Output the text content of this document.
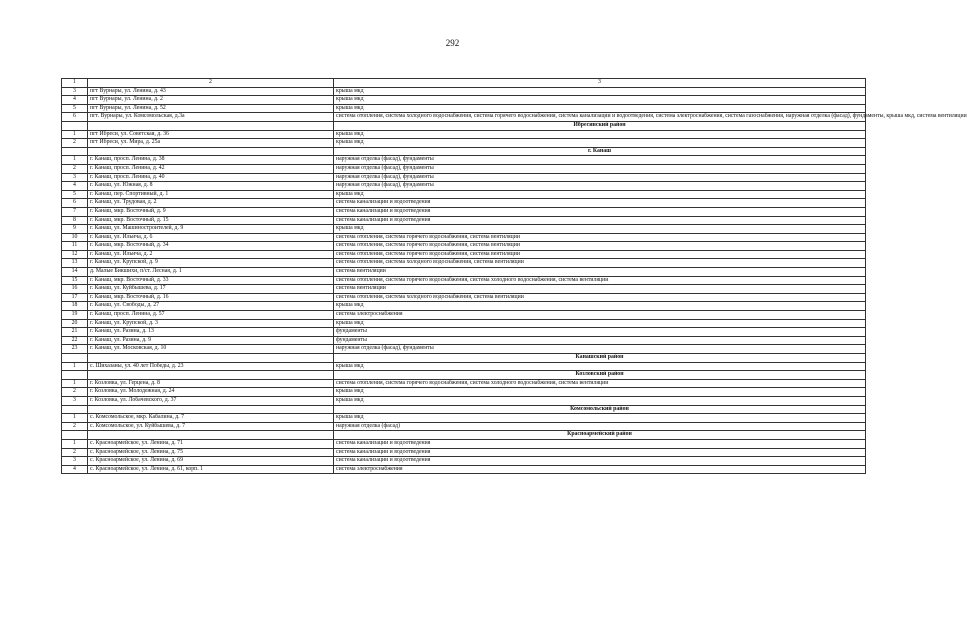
292
1	2	3
3	пгт Вурнары, ул. Ленина, д. 43	крыша мкд
4	пгт Вурнары, ул. Ленина, д. 2	крыша мкд
5	пгт Вурнары, ул. Ленина, д. 52	крыша мкд
6	пгт. Вурнары, ул. Комсомольская, д.3а	система отопления, система холодного водоснабжения, система горячего водоснабжения, система канализации и водоотведения, система электроснабжения, система газоснабжения, наружная отделка (фасад), фундаменты, крыша мкд, система вентиляции
		Ибресинский район
1	пгт Ибреси, ул. Советская, д. 36	крыша мкд
2	пгт Ибреси, ул. Мира, д. 25а	крыша мкд
		г. Канаш
1	г. Канаш, просп. Ленина, д. 38	наружная отделка (фасад), фундаменты
2	г. Канаш, просп. Ленина, д. 42	наружная отделка (фасад), фундаменты
3	г. Канаш, просп. Ленина, д. 40	наружная отделка (фасад), фундаменты
4	г. Канаш, ул. Южная, д. 8	наружная отделка (фасад), фундаменты
5	г. Канаш, пер. Спортивный, д. 1	крыша мкд
6	г. Канаш, ул. Трудовая, д. 2	система канализации и водоотведения
7	г. Канаш, мкр. Восточный, д. 9	система канализации и водоотведения
8	г. Канаш, мкр. Восточный, д. 15	система канализации и водоотведения
9	г. Канаш, ул. Машиностроителей, д. 9	крыша мкд
10	г. Канаш, ул. Ильича, д. 6	система отопления, система горячего водоснабжения, система вентиляции
11	г. Канаш, мкр. Восточный, д. 34	система отопления, система горячего водоснабжения, система вентиляции
12	г. Канаш, ул. Ильича, д. 2	система отопления, система горячего водоснабжения, система вентиляции
13	г. Канаш, ул. Крупской, д. 9	система отопления, система холодного водоснабжения, система вентиляции
14	д. Малые Бикшихи, п/ст. Лесная, д. 1	система вентиляции
15	г. Канаш, мкр. Восточный, д. 33	система отопления, система горячего водоснабжения, система холодного водоснабжения, система вентиляции
16	г. Канаш, ул. Куйбышева, д. 17	система вентиляции
17	г. Канаш, мкр. Восточный, д. 16	система отопления, система холодного водоснабжения, система вентиляции
18	г. Канаш, ул. Свободы, д. 27	крыша мкд
19	г. Канаш, просп. Ленина, д. 57	система электроснабжения
20	г. Канаш, ул. Крупской, д. 3	крыша мкд
21	г. Канаш, ул. Разина, д. 13	фундаменты
22	г. Канаш, ул. Разина, д. 9	фундаменты
23	г. Канаш, ул. Московская, д. 10	наружная отделка (фасад), фундаменты
		Канашский район
1	с. Шихазаны, ул. 40 лет Победы, д. 23	крыша мкд
		Козловский район
1	г. Козловка, ул. Герцена, д. 8	система отопления, система горячего водоснабжения, система холодного водоснабжения, система вентиляции
2	г. Козловка, ул. Молодежная, д. 24	крыша мкд
3	г. Козловка, ул. Лобачевского, д. 37	крыша мкд
		Комсомольский район
1	с. Комсомольское, мкр. Кабалина, д. 7	крыша мкд
2	с. Комсомольское, ул. Куйбышева, д. 7	наружная отделка (фасад)
		Красноармейский район
1	с. Красноармейское, ул. Ленина, д. 71	система канализации и водоотведения
2	с. Красноармейское, ул. Ленина, д. 75	система канализации и водоотведения
3	с. Красноармейское, ул. Ленина, д. 69	система канализации и водоотведения
4	с. Красноармейское, ул. Ленина, д. 61, корп. 1	система электроснабжения
